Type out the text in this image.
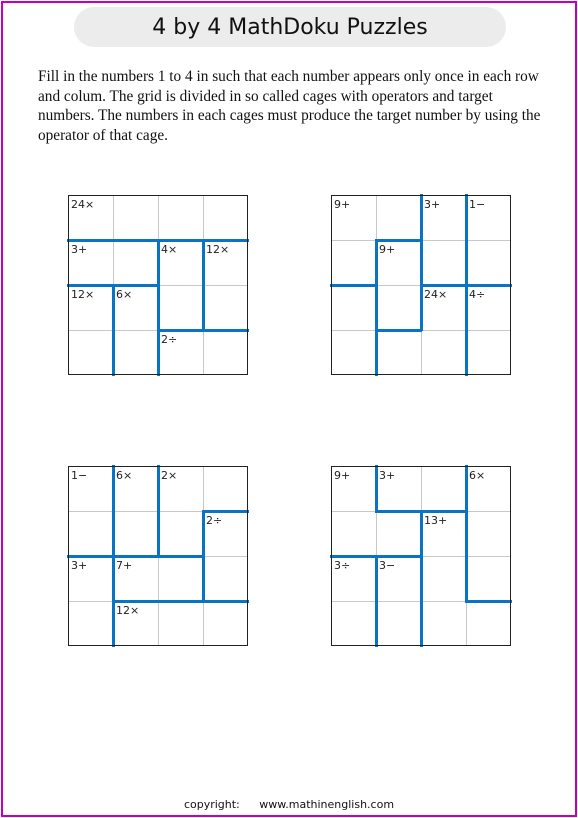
4 by 4 MathDoku Puzzles

Fill in the numbers 1 to 4 in such that each number appears only once in each row and colum. The grid is divided in so called cages with operators and target numbers. The numbers in each cages must produce the target number by using the operator of that cage.

24×
3+	4×	12×
12× 6×
2÷
9+	3+	1−
9+
24× 4÷
1−	6×	2×
2÷
3+	7+
12×
9+	3+	6×
13+
3÷	3−
copyright: www.mathinenglish.com
